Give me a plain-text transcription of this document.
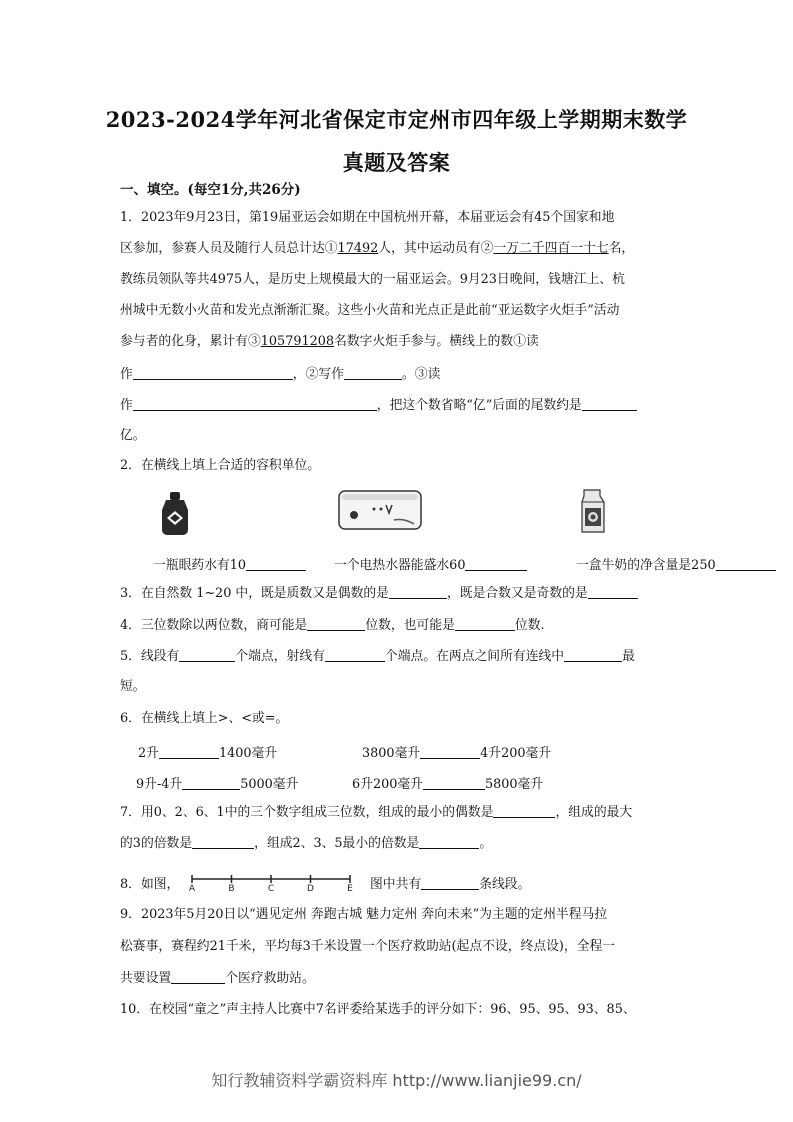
2023-2024学年河北省保定市定州市四年级上学期期末数学
真题及答案
一、填空。(每空1分,共26分)
1．2023年9月23日，第19届亚运会如期在中国杭州开幕，本届亚运会有45个国家和地
区参加，参赛人员及随行人员总计达①17492人，其中运动员有②一万二千四百一十七名，
教练员领队等共4975人，是历史上规模最大的一届亚运会。9月23日晚间，钱塘江上、杭
州城中无数小火苗和发光点渐渐汇聚。这些小火苗和光点正是此前“亚运数字火炬手”活动
参与者的化身，累计有③105791208名数字火炬手参与。横线上的数①读
作	，②写作	。③读
作	，把这个数省略“亿”后面的尾数约是
亿。
2．在横线上填上合适的容积单位。
一瓶眼药水有10	一个电热水器能盛水60	一盒牛奶的净含量是250
3．在自然数 1~20 中，既是质数又是偶数的是	，既是合数又是奇数的是
4．三位数除以两位数，商可能是	位数，也可能是	位数.
5．线段有	个端点，射线有	个端点。在两点之间所有连线中	最
短。
6．在横线上填上>、<或=。
2升	1400毫升	3800毫升	4升200毫升
9升-4升	5000毫升	6升200毫升	5800毫升
7．用0、2、6、1中的三个数字组成三位数，组成的最小的偶数是	，组成的最大
的3的倍数是	，组成2、3、5最小的倍数是	。
8．如图， A	B	C	D	E 图中共有	条线段。
9．2023年5月20日以“遇见定州 奔跑古城 魅力定州 奔向未来”为主题的定州半程马拉
松赛事，赛程约21千米，平均每3千米设置一个医疗救助站(起点不设，终点设)，全程一
共要设置	个医疗救助站。
10．在校园“童之”声主持人比赛中7名评委给某选手的评分如下：96、95、95、93、85、
知行教辅资料学霸资料库 http://www.lianjie99.cn/
